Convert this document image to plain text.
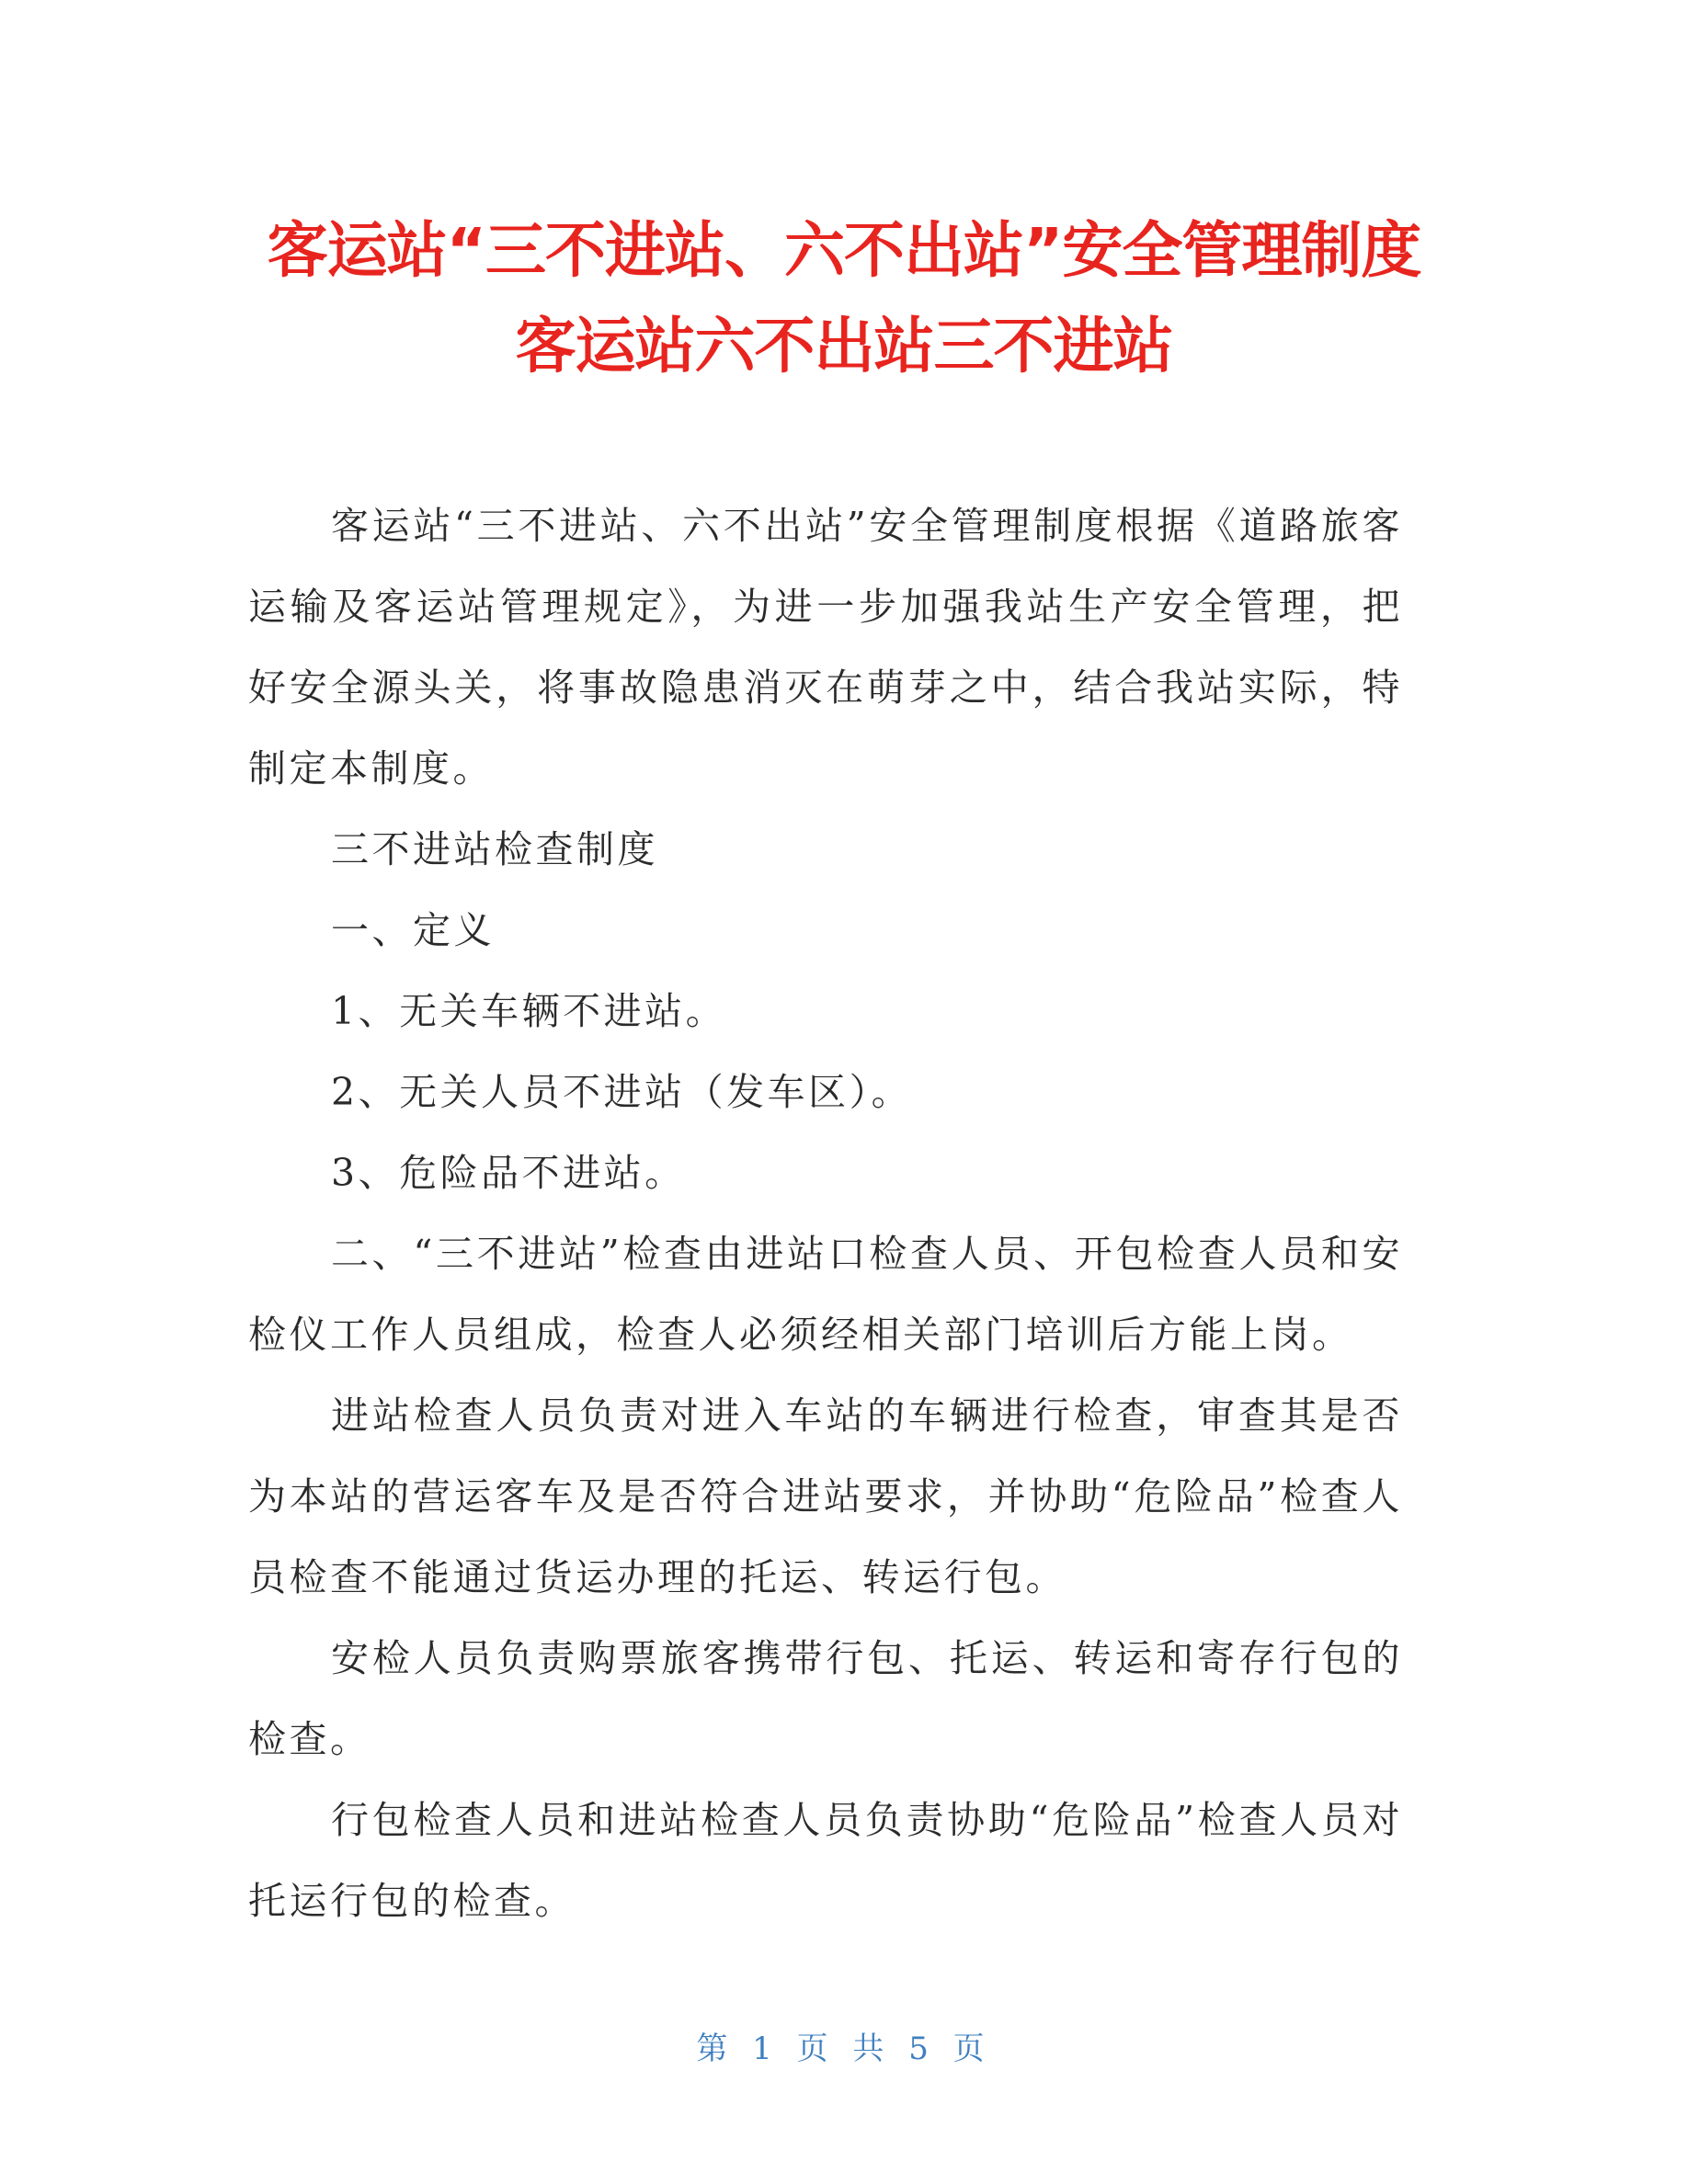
客运站“三不进站、六不出站”安全管理制度
客运站六不出站三不进站

客运站“三不进站、六不出站”安全管理制度根据《道路旅客运输及客运站管理规定》，为进一步加强我站生产安全管理，把好安全源头关，将事故隐患消灭在萌芽之中，结合我站实际，特制定本制度。

三不进站检查制度

一、定义

1、无关车辆不进站。

2、无关人员不进站（发车区）。

3、危险品不进站。

二、“三不进站”检查由进站口检查人员、开包检查人员和安检仪工作人员组成，检查人必须经相关部门培训后方能上岗。

进站检查人员负责对进入车站的车辆进行检查，审查其是否为本站的营运客车及是否符合进站要求，并协助“危险品”检查人员检查不能通过货运办理的托运、转运行包。

安检人员负责购票旅客携带行包、托运、转运和寄存行包的检查。

行包检查人员和进站检查人员负责协助“危险品”检查人员对托运行包的检查。

第 1 页 共 5 页
